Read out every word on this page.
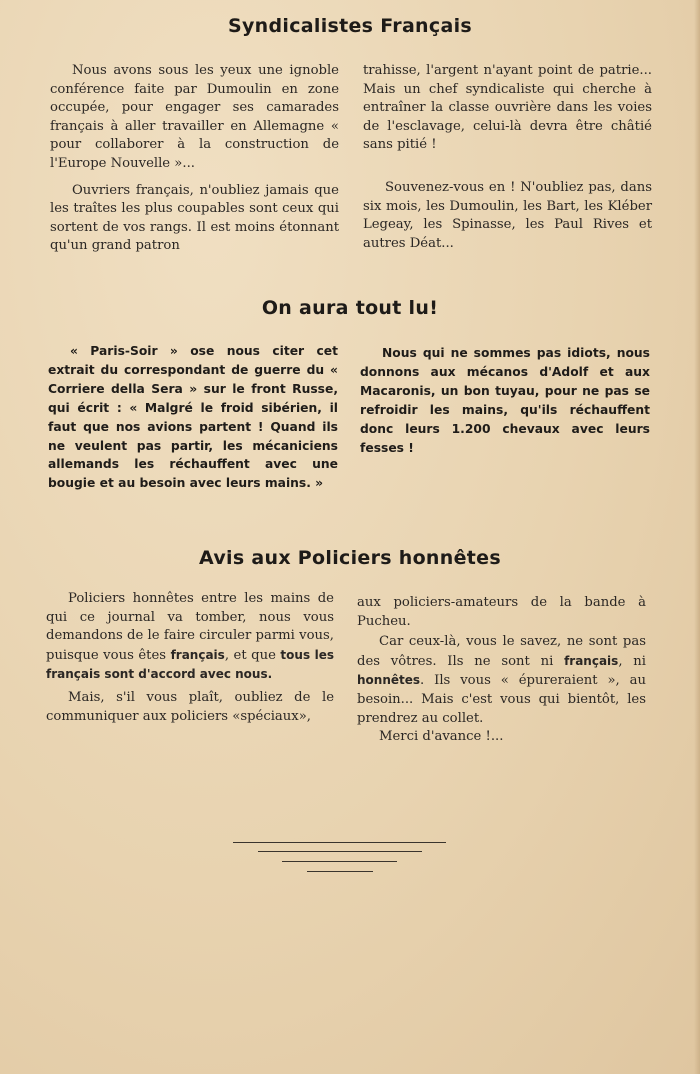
Syndicalistes Français

Nous avons sous les yeux une ignoble conférence faite par Dumoulin en zone occupée, pour engager ses camarades français à aller travailler en Allemagne « pour collaborer à la construction de l'Europe Nouvelle »...

Ouvriers français, n'oubliez jamais que les traîtes les plus coupables sont ceux qui sortent de vos rangs. Il est moins étonnant qu'un grand patron

trahisse, l'argent n'ayant point de patrie... Mais un chef syndicaliste qui cherche à entraîner la classe ouvrière dans les voies de l'esclavage, celui-là devra être châtié sans pitié !

Souvenez-vous en ! N'oubliez pas, dans six mois, les Dumoulin, les Bart, les Kléber Legeay, les Spinasse, les Paul Rives et autres Déat...

On aura tout lu!

« Paris-Soir » ose nous citer cet extrait du correspondant de guerre du « Corriere della Sera » sur le front Russe, qui écrit : « Malgré le froid sibérien, il faut que nos avions partent ! Quand ils ne veulent pas partir, les mécaniciens allemands les réchauffent avec une bougie et au besoin avec leurs mains. »

Nous qui ne sommes pas idiots, nous donnons aux mécanos d'Adolf et aux Macaronis, un bon tuyau, pour ne pas se refroidir les mains, qu'ils réchauffent donc leurs 1.200 chevaux avec leurs fesses !

Avis aux Policiers honnêtes

Policiers honnêtes entre les mains de qui ce journal va tomber, nous vous demandons de le faire circuler parmi vous, puisque vous êtes français, et que tous les français sont d'accord avec nous.

Mais, s'il vous plaît, oubliez de le communiquer aux policiers «spéciaux»,

aux policiers-amateurs de la bande à Pucheu.

Car ceux-là, vous le savez, ne sont pas des vôtres. Ils ne sont ni français, ni honnêtes. Ils vous « épureraient », au besoin... Mais c'est vous qui bientôt, les prendrez au collet.

Merci d'avance !...
